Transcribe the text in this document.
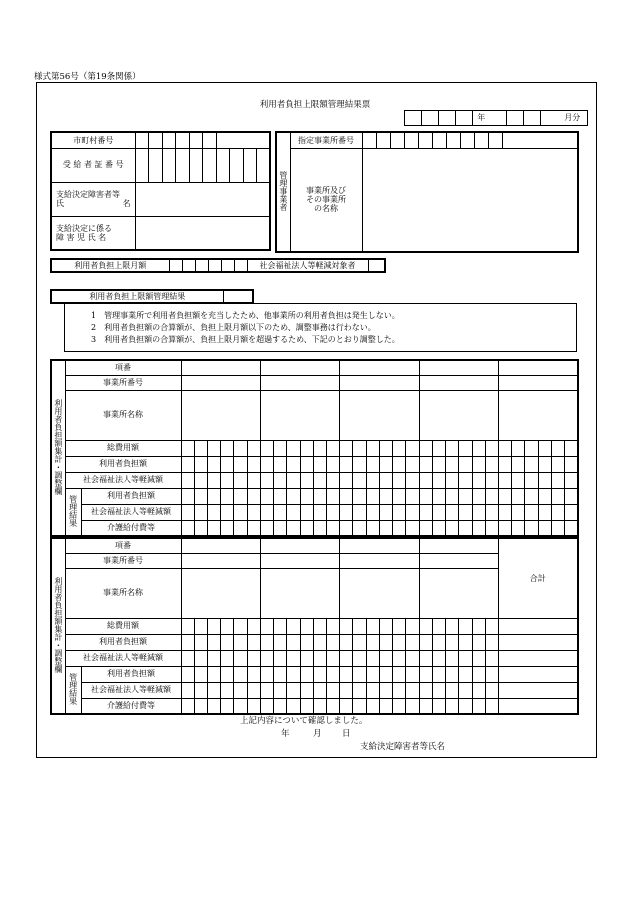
様式第56号（第19条関係）
利用者負担上限額管理結果票
				年					月分
市町村番号										
受 給 者 証 番 号										

支給決定障害者等
氏 名										

支給決定に係る
障 害 児 氏 名										

管理事業者	指定事業所番号											

	事業所及び
その事業所
の名称											

利用者負担上限月額							社会福祉法人等軽減対象者	
利用者負担上限額管理結果	
1　管理事業所で利用者負担額を充当したため、他事業所の利用者負担は発生しない。
2　利用者負担額の合算額が、負担上限月額以下のため、調整事務は行わない。
3　利用者負担額の合算額が、負担上限月額を超過するため、下記のとおり調整した。
利用者負担額集計・調整欄	項番																															
	事業所番号																															
	事業所名称																															
	総費用額																															
	利用者負担額																															
	社会福祉法人等軽減額																															
	管理結果	利用者負担額																														
		社会福祉法人等軽減額																														
		介護給付費等																														
利用者負担額集計・調整欄	項番																										合計
	事業所番号																										
	事業所名称																										
	総費用額																										
	利用者負担額																										
	社会福祉法人等軽減額																										
	管理結果	利用者負担額																									
		社会福祉法人等軽減額																									
		介護給付費等																									
上記内容について確認しました。
年	月 日
支給決定障害者等氏名
